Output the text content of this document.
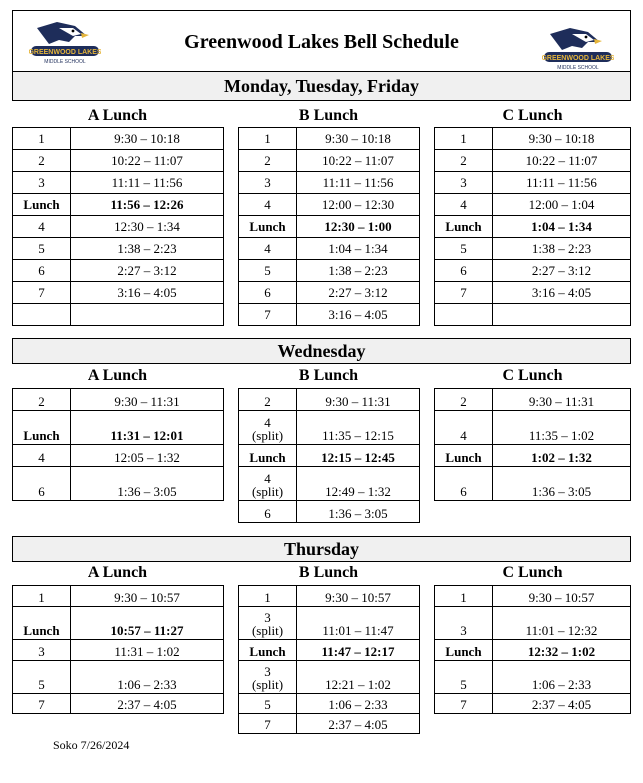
GREENWOOD LAKES
MIDDLE SCHOOL
Greenwood Lakes Bell Schedule
GREENWOOD LAKES
MIDDLE SCHOOL
Monday, Tuesday, Friday
A Lunch	B Lunch	C Lunch
1	9:30 – 10:18
2	10:22 – 11:07
3	11:11 – 11:56
Lunch	11:56 – 12:26
4	12:30 – 1:34
5	1:38 – 2:23
6	2:27 – 3:12
7	3:16 – 4:05

1	9:30 – 10:18
2	10:22 – 11:07
3	11:11 – 11:56
4	12:00 – 12:30
Lunch	12:30 – 1:00
4	1:04 – 1:34
5	1:38 – 2:23
6	2:27 – 3:12
7	3:16 – 4:05
1	9:30 – 10:18
2	10:22 – 11:07
3	11:11 – 11:56
4	12:00 – 1:04
Lunch	1:04 – 1:34
5	1:38 – 2:23
6	2:27 – 3:12
7	3:16 – 4:05

Wednesday
A Lunch	B Lunch	C Lunch
2	9:30 – 11:31
Lunch	11:31 – 12:01
4	12:05 – 1:32
6	1:36 – 3:05
2	9:30 – 11:31
4
(split)	11:35 – 12:15
Lunch	12:15 – 12:45
4
(split)	12:49 – 1:32
6	1:36 – 3:05
2	9:30 – 11:31
4	11:35 – 1:02
Lunch	1:02 – 1:32
6	1:36 – 3:05
Thursday
A Lunch	B Lunch	C Lunch
1	9:30 – 10:57
Lunch	10:57 – 11:27
3	11:31 – 1:02
5	1:06 – 2:33
7	2:37 – 4:05
1	9:30 – 10:57
3
(split)	11:01 – 11:47
Lunch	11:47 – 12:17
3
(split)	12:21 – 1:02
5	1:06 – 2:33
7	2:37 – 4:05
1	9:30 – 10:57
3	11:01 – 12:32
Lunch	12:32 – 1:02
5	1:06 – 2:33
7	2:37 – 4:05
Soko 7/26/2024
